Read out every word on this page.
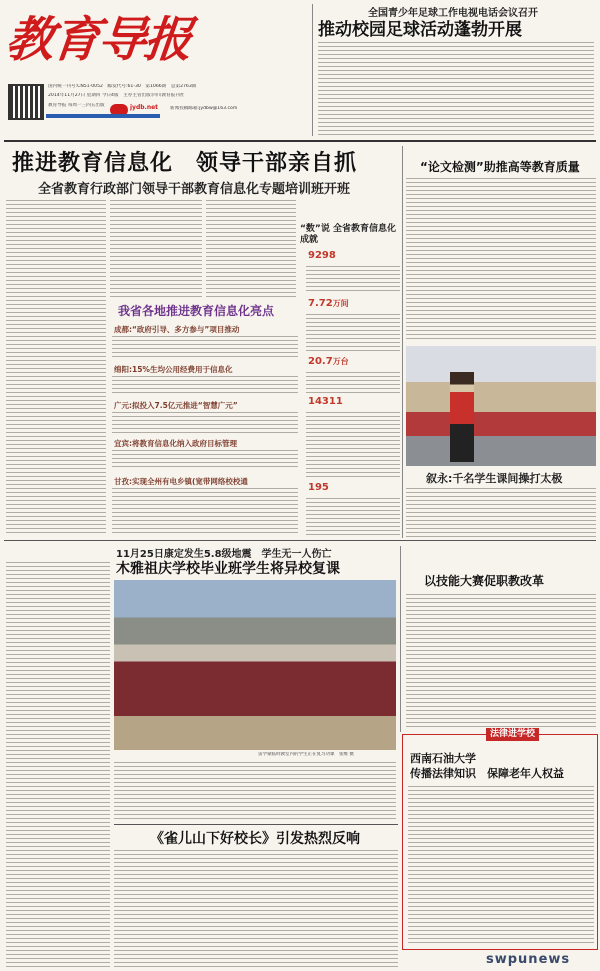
教育导报
国内统一刊号:CN51-0052　邮发代号:61-30　第1066期　总第2763期
2014年11月27日 星期四 今日4版　主办主管出版:四川教育报刊社
教育导报 每周一三四五出版	jydb.net	新闻投稿邮箱:jydbw@163.com
全国青少年足球工作电视电话会议召开
推动校园足球活动蓬勃开展
推进教育信息化　领导干部亲自抓
全省教育行政部门领导干部教育信息化专题培训班开班
“数”说 全省教育信息化成就
9298
7.72万间
20.7万台
14311
195
我省各地推进教育信息化亮点
成都:“政府引导、多方参与”项目推动
绵阳:15%生均公用经费用于信息化
广元:拟投入7.5亿元推进“智慧广元”
宜宾:将教育信息化纳入政府目标管理
甘孜:实现全州有电乡镇(宽带网络校校通
“论文检测”助推高等教育质量
叙永:千名学生课间操打太极
11月25日康定发生5.8级地震　学生无一人伤亡
木雅祖庆学校毕业班学生将异校复课
雷学蒙临时教室内的学生正在复习功课　张维 摄
《雀儿山下好校长》引发热烈反响
以技能大赛促职教改革
法律进学校
西南石油大学
传播法律知识　保障老年人权益
swpunews
